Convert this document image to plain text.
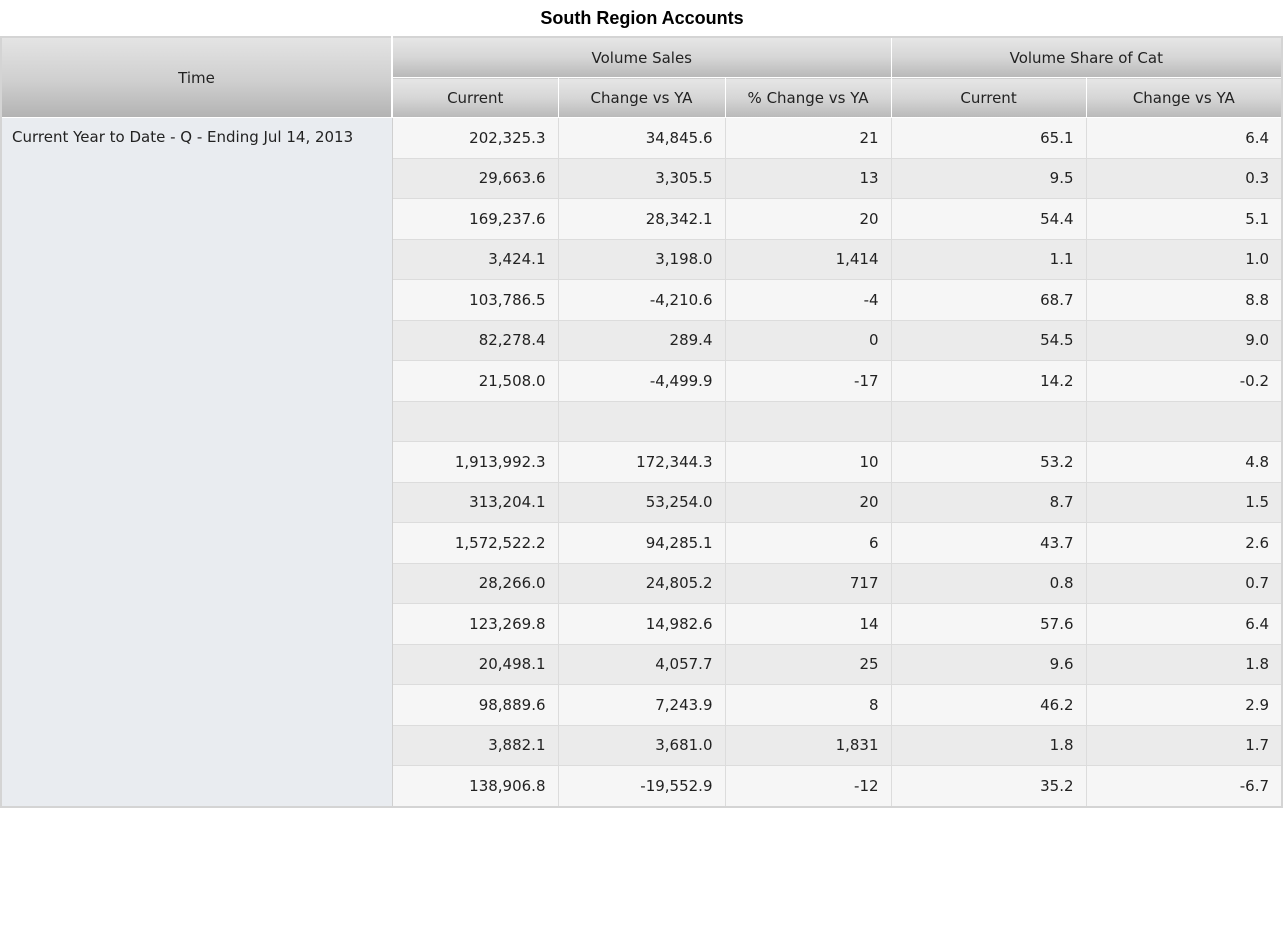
South Region Accounts
Time	Volume Sales			Volume Share of Cat	
	Current	Change vs YA	% Change vs YA	Current	Change vs YA
Current Year to Date - Q - Ending Jul 14, 2013	202,325.3	34,845.6	21	65.1	6.4
	29,663.6	3,305.5	13	9.5	0.3
	169,237.6	28,342.1	20	54.4	5.1
	3,424.1	3,198.0	1,414	1.1	1.0
	103,786.5	-4,210.6	-4	68.7	8.8
	82,278.4	289.4	0	54.5	9.0
	21,508.0	-4,499.9	-17	14.2	-0.2

	1,913,992.3	172,344.3	10	53.2	4.8
	313,204.1	53,254.0	20	8.7	1.5
	1,572,522.2	94,285.1	6	43.7	2.6
	28,266.0	24,805.2	717	0.8	0.7
	123,269.8	14,982.6	14	57.6	6.4
	20,498.1	4,057.7	25	9.6	1.8
	98,889.6	7,243.9	8	46.2	2.9
	3,882.1	3,681.0	1,831	1.8	1.7
	138,906.8	-19,552.9	-12	35.2	-6.7
